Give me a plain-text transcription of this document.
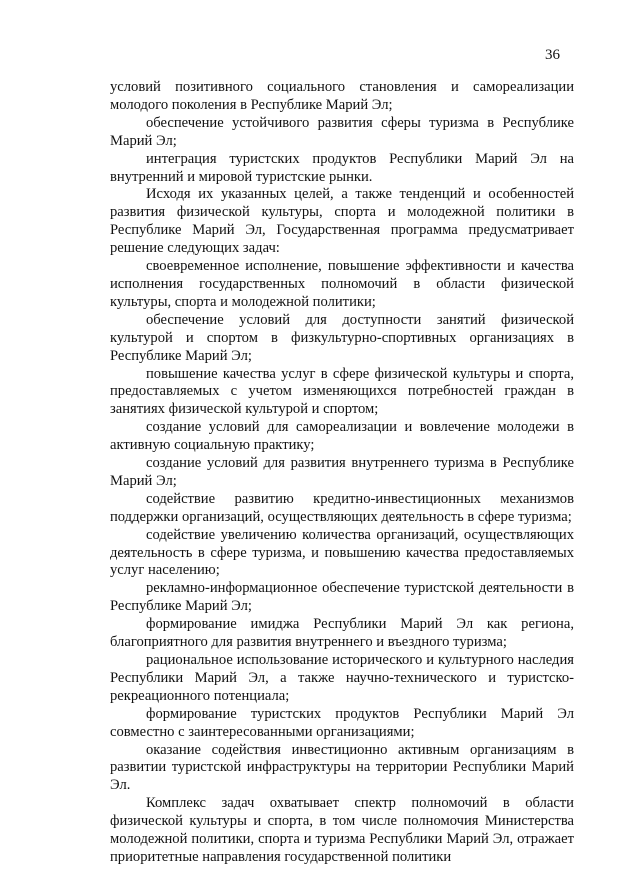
36

условий позитивного социального становления и самореализации молодого поколения в Республике Марий Эл;

обеспечение устойчивого развития сферы туризма в Республике Марий Эл;

интеграция туристских продуктов Республики Марий Эл на внутренний и мировой туристские рынки.

Исходя их указанных целей, а также тенденций и особенностей развития физической культуры, спорта и молодежной политики в Республике Марий Эл, Государственная программа предусматривает решение следующих задач:

своевременное исполнение, повышение эффективности и качества исполнения государственных полномочий в области физической культуры, спорта и молодежной политики;

обеспечение условий для доступности занятий физической культурой и спортом в физкультурно-спортивных организациях в Республике Марий Эл;

повышение качества услуг в сфере физической культуры и спорта, предоставляемых с учетом изменяющихся потребностей граждан в занятиях физической культурой и спортом;

создание условий для самореализации и вовлечение молодежи в активную социальную практику;

создание условий для развития внутреннего туризма в Республике Марий Эл;

содействие развитию кредитно-инвестиционных механизмов поддержки организаций, осуществляющих деятельность в сфере туризма;

содействие увеличению количества организаций, осуществляющих деятельность в сфере туризма, и повышению качества предоставляемых услуг населению;

рекламно-информационное обеспечение туристской деятельности в Республике Марий Эл;

формирование имиджа Республики Марий Эл как региона, благоприятного для развития внутреннего и въездного туризма;

рациональное использование исторического и культурного наследия Республики Марий Эл, а также научно-технического и туристско-рекреационного потенциала;

формирование туристских продуктов Республики Марий Эл совместно с заинтересованными организациями;

оказание содействия инвестиционно активным организациям в развитии туристской инфраструктуры на территории Республики Марий Эл.

Комплекс задач охватывает спектр полномочий в области физической культуры и спорта, в том числе полномочия Министерства молодежной политики, спорта и туризма Республики Марий Эл, отражает приоритетные направления государственной политики
